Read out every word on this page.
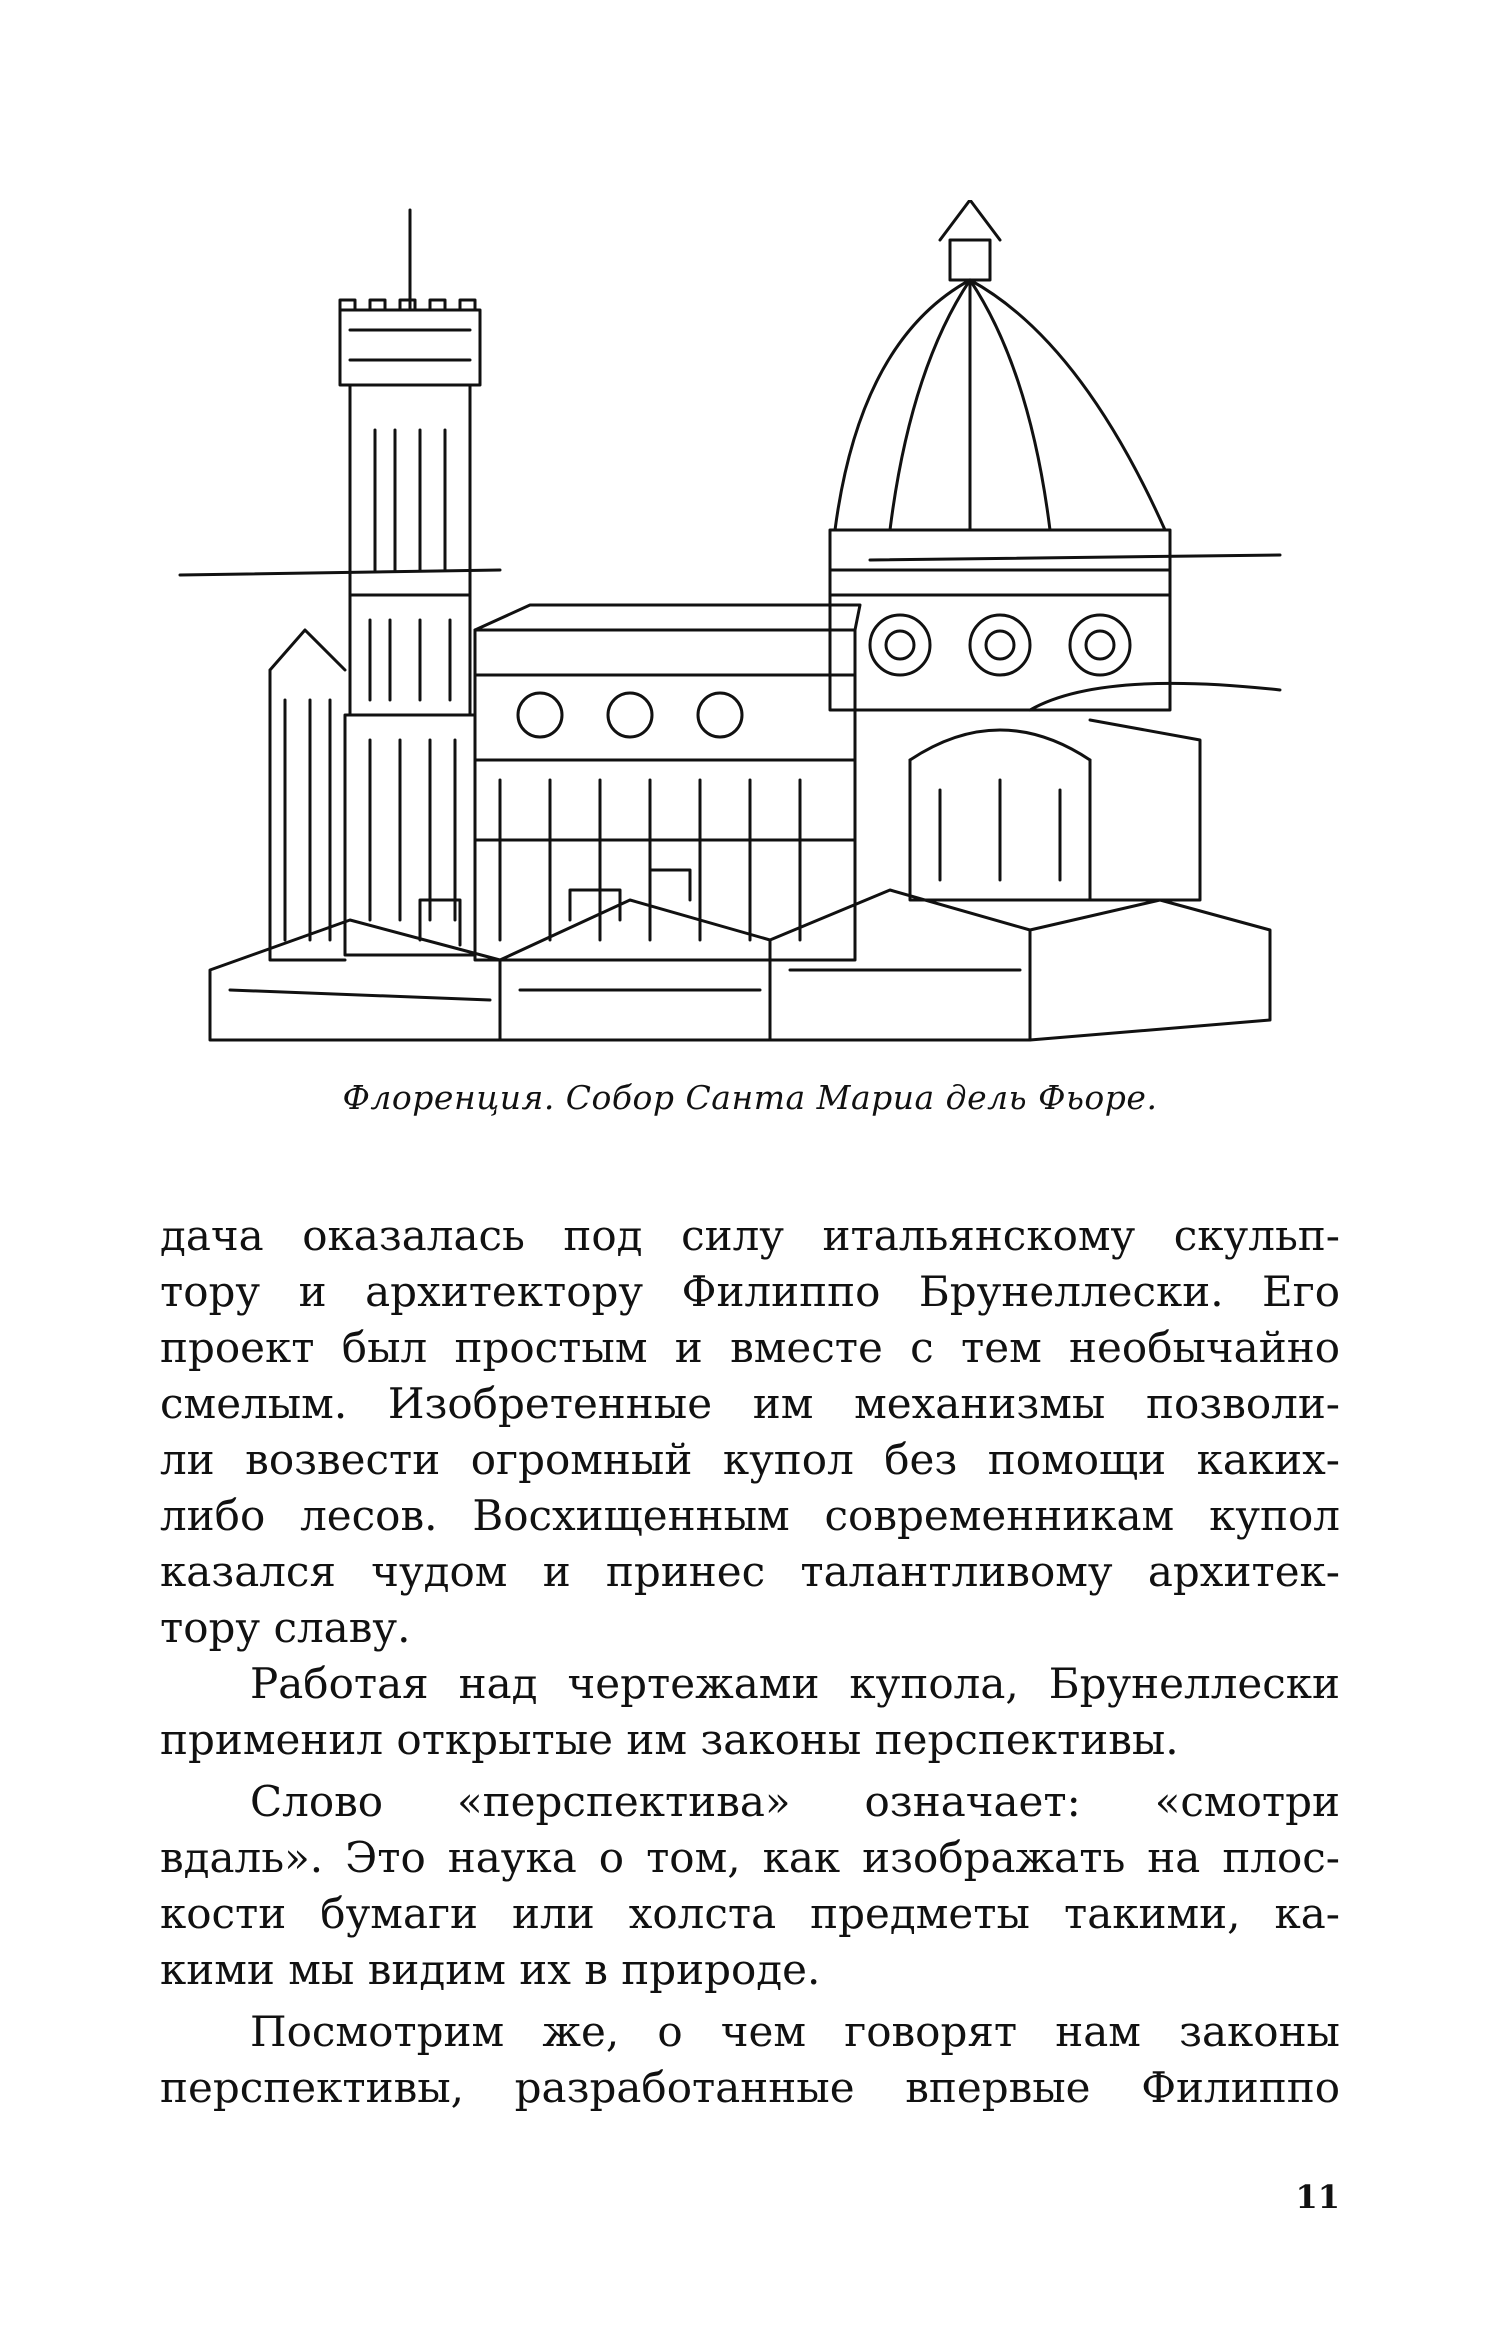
Флоренция. Собор Санта Мариа дель Фьоре.
дача оказалась под силу итальянскому скульп-
тору и архитектору Филиппо Брунеллески. Его
проект был простым и вместе с тем необычайно
смелым. Изобретенные им механизмы позволи-
ли возвести огромный купол без помощи каких-
либо лесов. Восхищенным современникам купол
казался чудом и принес талантливому архитек-
тору славу.
Работая над чертежами купола, Брунеллески
применил открытые им законы перспективы.
Слово «перспектива» означает: «смотри
вдаль». Это наука о том, как изображать на плос-
кости бумаги или холста предметы такими, ка-
кими мы видим их в природе.
Посмотрим же, о чем говорят нам законы
перспективы, разработанные впервые Филиппо
11
